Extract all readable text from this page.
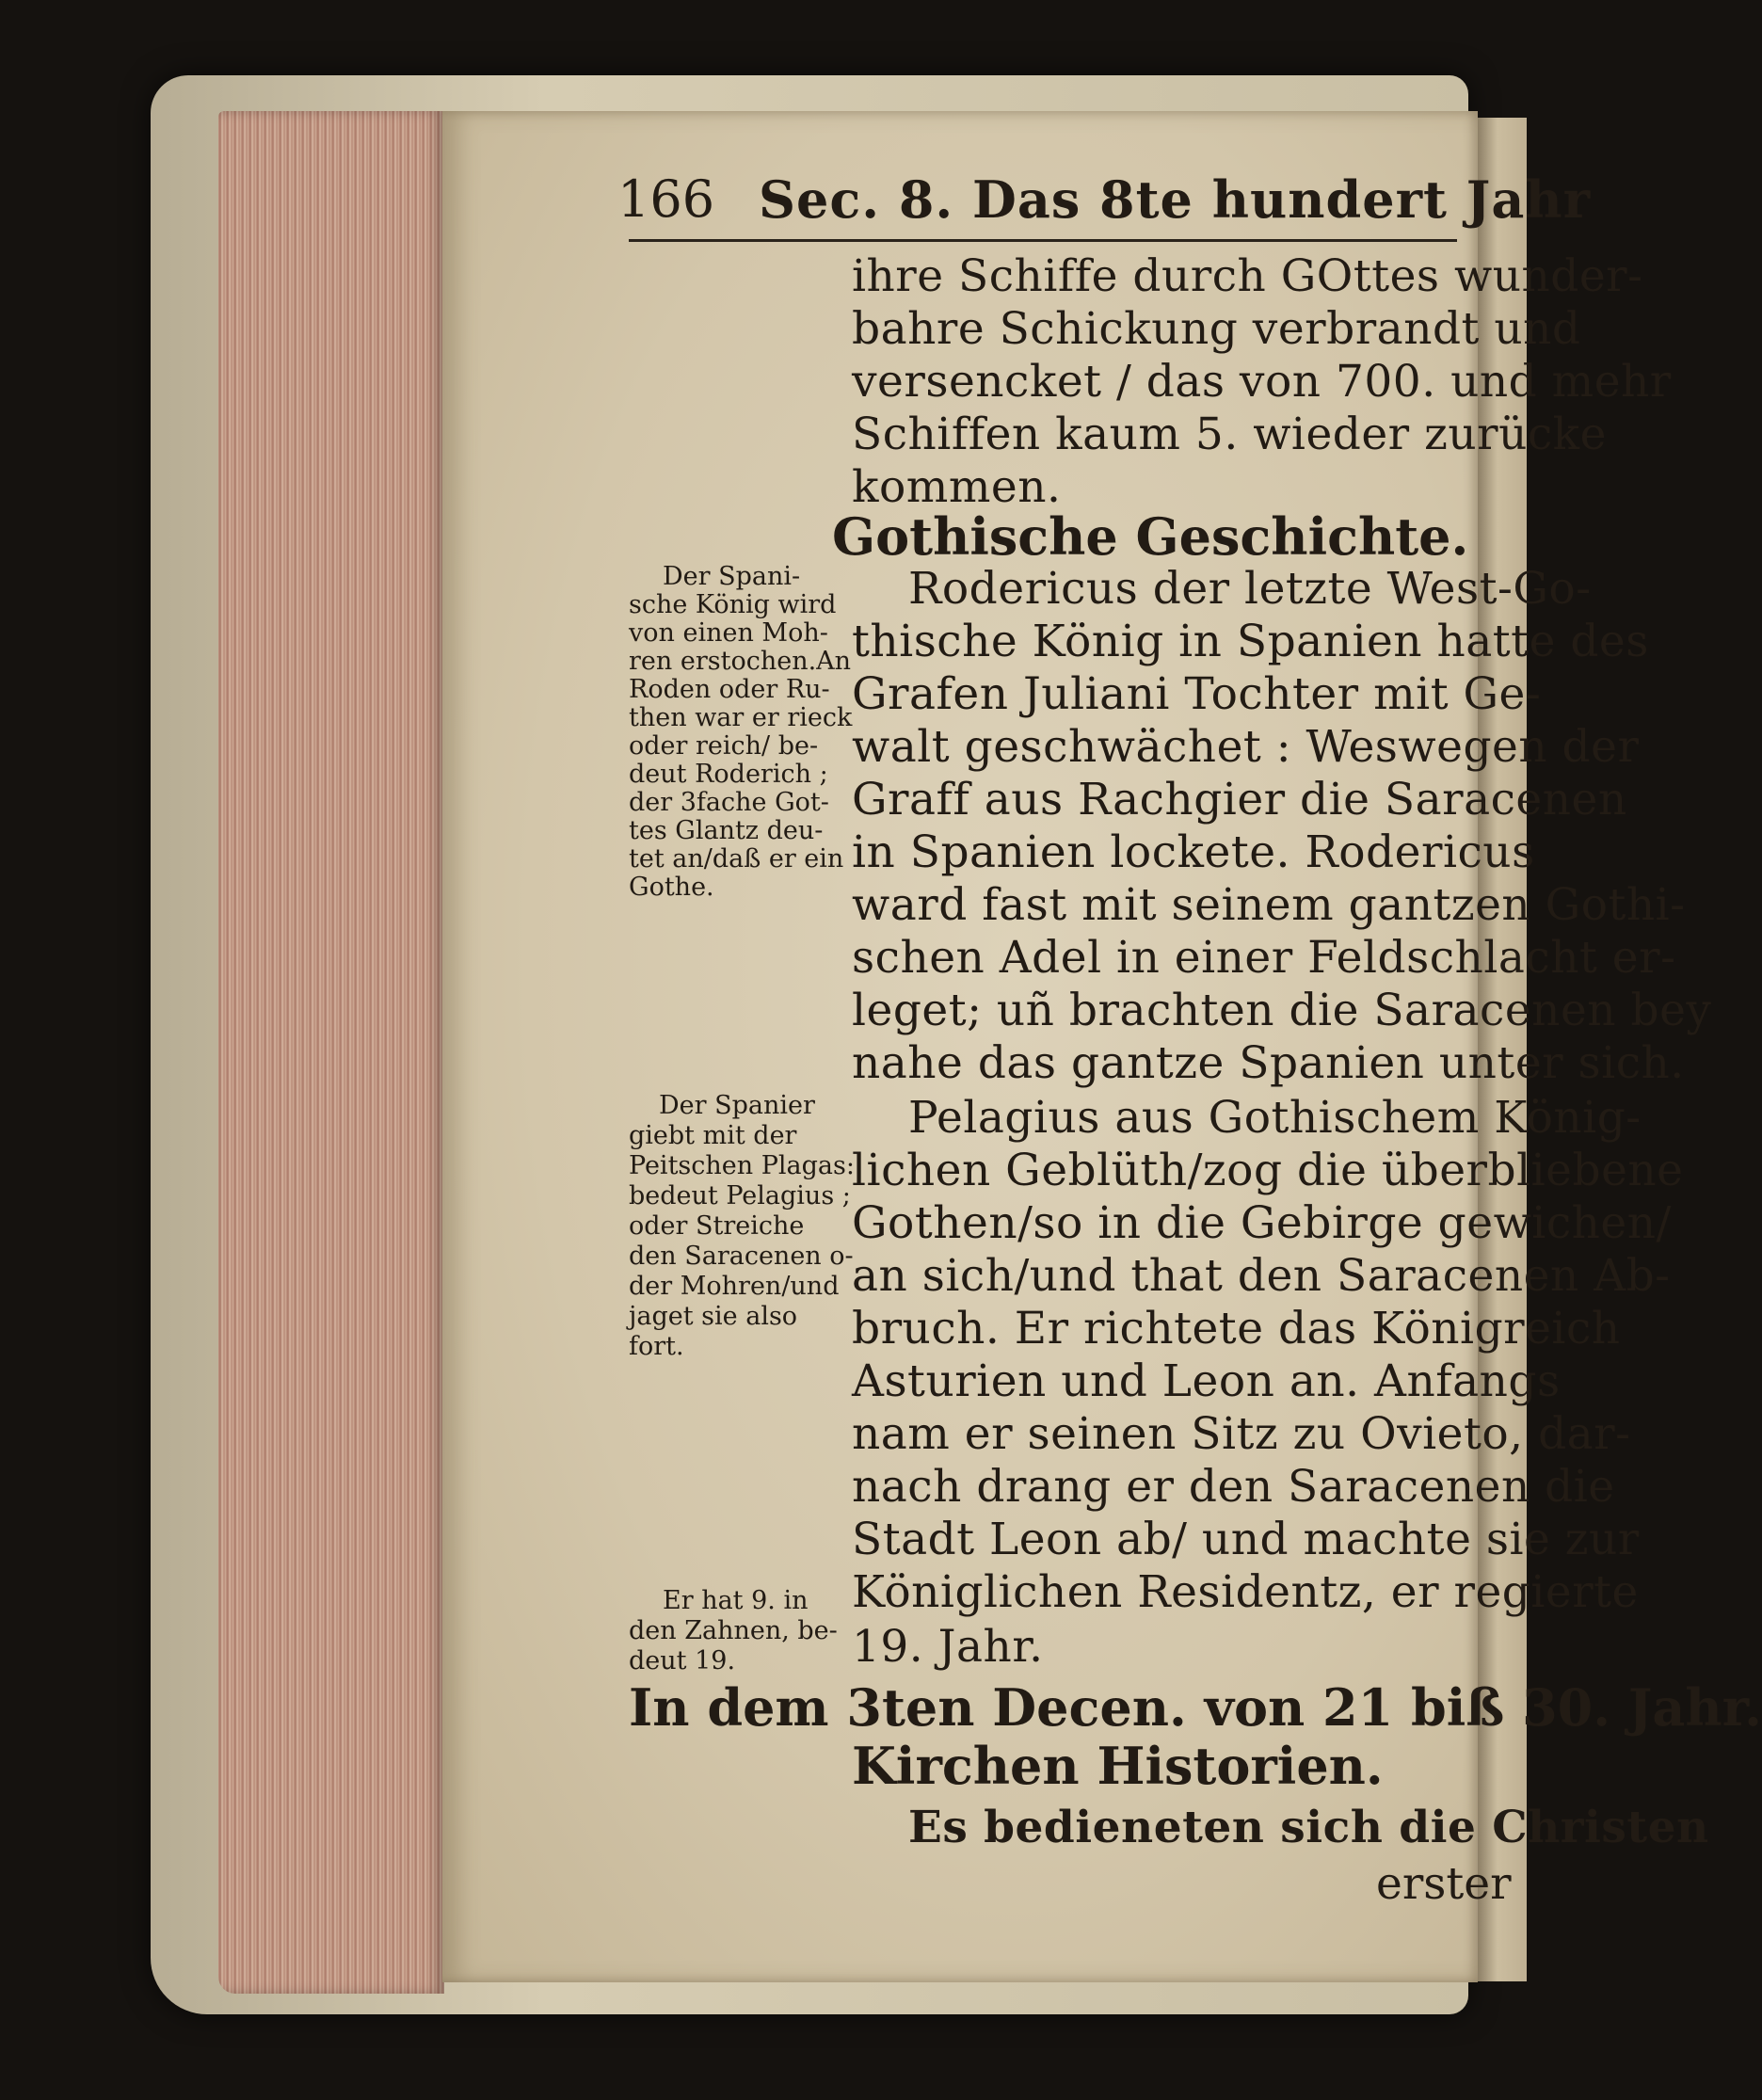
166 Sec. 8. Das 8te hundert Jahr
ihre Schiffe durch GOttes wunder-
bahre Schickung verbrandt und
versencket / das von 700. und mehr
Schiffen kaum 5. wieder zurücke
kommen.
Gothische Geschichte.
Rodericus der letzte West-Go-
thische König in Spanien hatte des
Grafen Juliani Tochter mit Ge-
walt geschwächet : Weswegen der
Graff aus Rachgier die Saracenen
in Spanien lockete. Rodericus
ward fast mit seinem gantzen Gothi-
schen Adel in einer Feldschlacht er-
leget; uñ brachten die Saracenen bey
nahe das gantze Spanien unter sich.
Pelagius aus Gothischem König-
lichen Geblüth/zog die überbliebene
Gothen/so in die Gebirge gewichen/
an sich/und that den Saracenen Ab-
bruch. Er richtete das Königreich
Asturien und Leon an. Anfangs
nam er seinen Sitz zu Ovieto, dar-
nach drang er den Saracenen die
Stadt Leon ab/ und machte sie zur
Königlichen Residentz, er regierte
19. Jahr.
In dem 3ten Decen. von 21 biß 30. Jahr.
Kirchen Historien.
Es bedieneten sich die Christen
erster
Der Spani-
sche König wird
von einen Moh-
ren erstochen.An
Roden oder Ru-
then war er rieck
oder reich/ be-
deut Roderich ;
der 3fache Got-
tes Glantz deu-
tet an/daß er ein
Gothe.
Der Spanier
giebt mit der
Peitschen Plagas:
bedeut Pelagius ;
oder Streiche
den Saracenen o-
der Mohren/und
jaget sie also
fort.
Er hat 9. in
den Zahnen, be-
deut 19.
